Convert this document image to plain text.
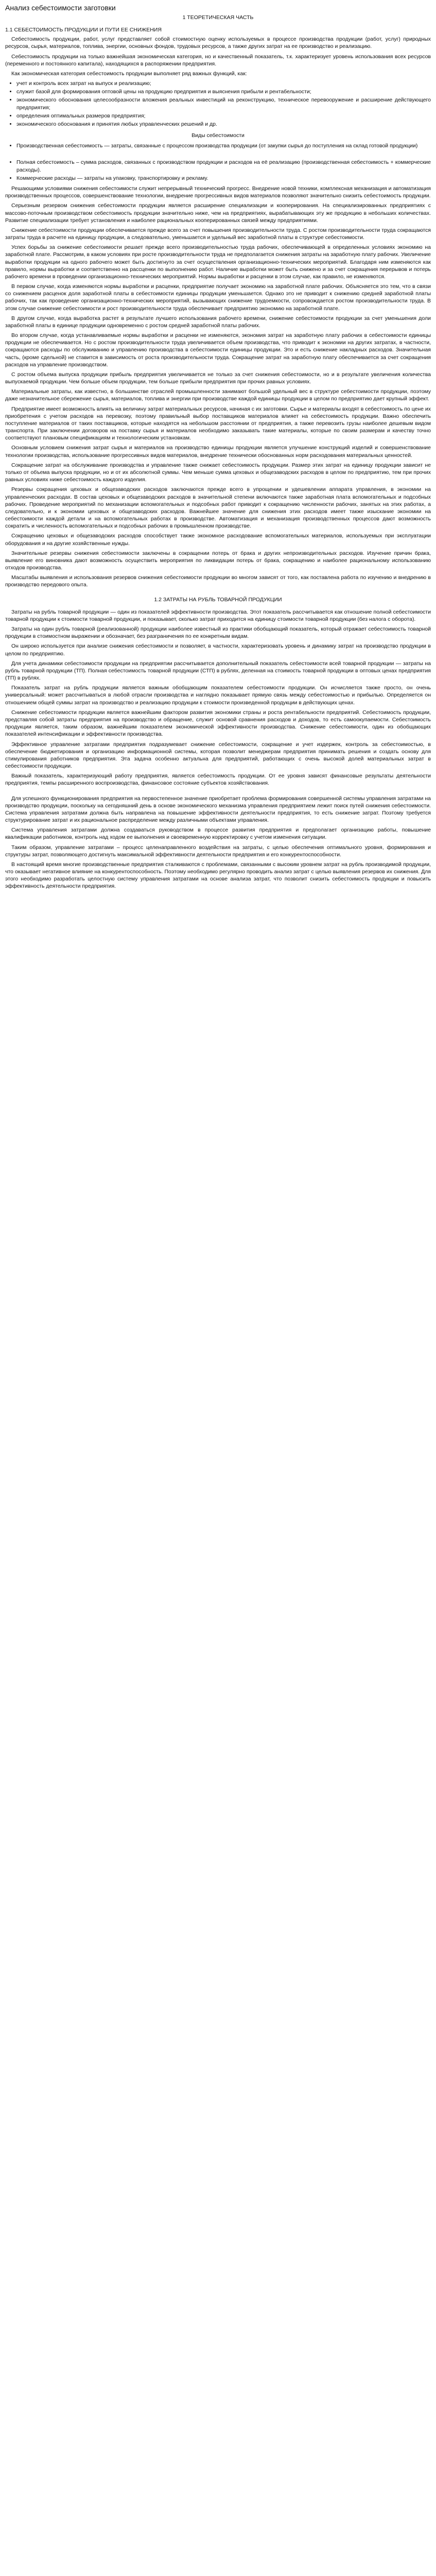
Анализ себестоимости заготовки
1 ТЕОРЕТИЧЕСКАЯ ЧАСТЬ
1.1 СЕБЕСТОИМОСТЬ ПРОДУКЦИИ И ПУТИ ЕЕ СНИЖЕНИЯ

Себестоимость продукции, работ, услуг представляет собой стоимостную оценку используемых в процессе производства продукции (работ, услуг) природных ресурсов, сырья, материалов, топлива, энергии, основных фондов, трудовых ресурсов, а также других затрат на ее производство и реализацию.

Себестоимость продукции на только важнейшая экономическая категория, но и качественный показатель, т.к. характеризует уровень использования всех ресурсов (переменного и постоянного капитала), находящихся в распоряжении предприятия.

Как экономическая категория себестоимость продукции выполняет ряд важных функций, как:

• учет и контроль всех затрат на выпуск и реализацию;
• служит базой для формирования оптовой цены на продукцию предприятия и выяснения прибыли и рентабельности;
• экономического обоснования целесообразности вложения реальных инвестиций на реконструкцию, техническое перевооружение и расширение действующего предприятия;
• определения оптимальных размеров предприятия;
• экономического обоснования и принятия любых управленческих решений и др.
Виды себестоимости
• Производственная себестоимость — затраты, связанные с процессом производства продукции (от закупки сырья до поступления на склад готовой продукции)
• Полная себестоимость – сумма расходов, связанных с производством продукции и расходов на её реализацию (производственная себестоимость + коммерческие расходы).
• Коммерческие расходы — затраты на упаковку, транспортировку и рекламу.

Решающими условиями снижения себестоимости служит непрерывный технический прогресс. Внедрение новой техники, комплексная механизация и автоматизация производственных процессов, совершенствование технологии, внедрение прогрессивных видов материалов позволяют значительно снизить себестоимость продукции.

Серьезным резервом снижения себестоимости продукции является расширение специализации и кооперирования. На специализированных предприятиях с массово-поточным производством себестоимость продукции значительно ниже, чем на предприятиях, вырабатывающих эту же продукцию в небольших количествах. Развитие специализации требует установления и наиболее рациональных кооперированных связей между предприятиями.

Снижение себестоимости продукции обеспечивается прежде всего за счет повышения производительности труда. С ростом производительности труда сокращаются затраты труда в расчете на единицу продукции, а следовательно, уменьшается и удельный вес заработной платы в структуре себестоимости.

Успех борьбы за снижение себестоимости решает прежде всего производительностью труда рабочих, обеспечивающей в определенных условиях экономию на заработной плате. Рассмотрим, в каком условиях при росте производительности труда не предполагается снижения затраты на заработную плату рабочих. Увеличение выработки продукции на одного рабочего может быть достигнуто за счет осуществления организационно-технических мероприятий. Благодаря ним изменяются как правило, нормы выработки и соответственно на рассценки по выполнению работ. Наличие выработки может быть снижено и за счет сокращения перерывов и потерь рабочего времени в проведении организационно-технических мероприятий. Нормы выработки и расценки в этом случае, как правило, не изменяются.

В первом случае, когда изменяются нормы выработки и расценки, предприятие получает экономию на заработной плате рабочих. Объясняется это тем, что в связи со снижением расценок доля заработной платы в себестоимости единицы продукции уменьшается. Однако это не приводит к снижению средней заработной платы рабочих, так как проведение организационно-технических мероприятий, вызывающих снижение трудоемкости, сопровождается ростом производительности труда. В этом случае снижение себестоимости и рост производительности труда обеспечивает предприятию экономию на заработной плате.

В другом случае, когда выработка растет в результате лучшего использования рабочего времени, снижение себестоимости продукции за счет уменьшения доли заработной платы в единице продукции одновременно с ростом средней заработной платы рабочих.

Во втором случае, когда устанавливаемые нормы выработки и расценки не изменяются, экономия затрат на заработную плату рабочих в себестоимости единицы продукции не обеспечивается. Но с ростом производительности труда увеличивается объем производства, что приводит к экономии на других затратах, в частности, сокращаются расходы по обслуживанию и управлению производства в себестоимости единицы продукции. Это и есть снижение накладных расходов. Значительная часть, (кроме сдельной) не ставится в зависимость от роста производительности труда. Сокращение затрат на заработную плату обеспечивается за счет сокращения расходов на управление производством.

С ростом объема выпуска продукции прибыль предприятия увеличивается не только за счет снижения себестоимости, но и в результате увеличения количества выпускаемой продукции. Чем больше объем продукции, тем больше прибыли предприятия при прочих равных условиях.

Материальные затраты, как известно, в большинстве отраслей промышленности занимают большой удельный вес в структуре себестоимости продукции, поэтому даже незначительное сбережение сырья, материалов, топлива и энергии при производстве каждой единицы продукции в целом по предприятию дает крупный эффект.

Предприятие имеет возможность влиять на величину затрат материальных ресурсов, начиная с их заготовки. Сырье и материалы входят в себестоимость по цене их приобретения с учетом расходов на перевозку, поэтому правильный выбор поставщиков материалов влияет на себестоимость продукции. Важно обеспечить поступление материалов от таких поставщиков, которые находятся на небольшом расстоянии от предприятия, а также перевозить грузы наиболее дешевым видом транспорта. При заключении договоров на поставку сырья и материалов необходимо заказывать такие материалы, которые по своим размерам и качеству точно соответствуют плановым спецификациям и технологическим установкам.

Основным условием снижения затрат сырья и материалов на производство единицы продукции является улучшение конструкций изделий и совершенствование технологии производства, использование прогрессивных видов материалов, внедрение технически обоснованных норм расходования материальных ценностей.

Сокращение затрат на обслуживание производства и управление также снижает себестоимость продукции. Размер этих затрат на единицу продукции зависит не только от объема выпуска продукции, но и от их абсолютной суммы. Чем меньше сумма цеховых и общезаводских расходов в целом по предприятию, тем при прочих равных условиях ниже себестоимость каждого изделия.

Резервы сокращения цеховых и общезаводских расходов заключаются прежде всего в упрощении и удешевлении аппарата управления, в экономии на управленческих расходах. В состав цеховых и общезаводских расходов в значительной степени включаются также заработная плата вспомогательных и подсобных рабочих. Проведение мероприятий по механизации вспомогательных и подсобных работ приводит к сокращению численности рабочих, занятых на этих работах, а следовательно, и к экономии цеховых и общезаводских расходов. Важнейшее значение для снижения этих расходов имеет также изыскание экономии на себестоимости каждой детали и на вспомогательных работах в производстве. Автоматизация и механизация производственных процессов дают возможность сократить и численность вспомогательных и подсобных рабочих в промышленном производстве.

Сокращению цеховых и общезаводских расходов способствует также экономное расходование вспомогательных материалов, используемых при эксплуатации оборудования и на другие хозяйственные нужды.

Значительные резервы снижения себестоимости заключены в сокращении потерь от брака и других непроизводительных расходов. Изучение причин брака, выявление его виновника дают возможность осуществить мероприятия по ликвидации потерь от брака, сокращению и наиболее рациональному использованию отходов производства.

Масштабы выявления и использования резервов снижения себестоимости продукции во многом зависят от того, как поставлена работа по изучению и внедрению в производство передового опыта.

1.2 ЗАТРАТЫ НА РУБЛЬ ТОВАРНОЙ ПРОДУКЦИИ

Затраты на рубль товарной продукции — один из показателей эффективности производства. Этот показатель рассчитывается как отношение полной себестоимости товарной продукции к стоимости товарной продукции, и показывает, сколько затрат приходится на единицу стоимости товарной продукции (без налога с оборота).

Затраты на один рубль товарной (реализованной) продукции наиболее известный из практики обобщающий показатель, который отражает себестоимость товарной продукции в стоимостном выражении и обозначает, без разграничения по ее конкретным видам.

Он широко используется при анализе снижения себестоимости и позволяет, в частности, характеризовать уровень и динамику затрат на производство продукции в целом по предприятию.

Для учета динамики себестоимости продукции на предприятии рассчитывается дополнительный показатель себестоимости всей товарной продукции — затраты на рубль товарной продукции (ТП). Полная себестоимость товарной продукции (СТП) в рублях, деленная на стоимость товарной продукции в оптовых ценах предприятия (ТП) в рублях.

Показатель затрат на рубль продукции является важным обобщающим показателем себестоимости продукции. Он исчисляется также просто, он очень универсальный: может рассчитываться в любой отрасли производства и наглядно показывает прямую связь между себестоимостью и прибылью. Определяется он отношением общей суммы затрат на производство и реализацию продукции к стоимости произведенной продукции в действующих ценах.

Снижение себестоимости продукции является важнейшим фактором развития экономики страны и роста рентабельности предприятий. Себестоимость продукции, представляя собой затраты предприятия на производство и обращение, служит основой сравнения расходов и доходов, то есть самоокупаемости. Себестоимость продукции является, таким образом, важнейшим показателем экономической эффективности производства. Снижение себестоимости, один из обобщающих показателей интенсификации и эффективности производства.

Эффективное управление затратами предприятия подразумевает снижение себестоимости, сокращение и учет издержек, контроль за себестоимостью, в обеспечение бюджетирования и организацию информационной системы, которая позволит менеджерам предприятия принимать решения и создать основу для стимулирования работников предприятия. Эта задача особенно актуальна для предприятий, работающих с очень высокой долей материальных затрат в себестоимости продукции.

Важный показатель, характеризующий работу предприятия, является себестоимость продукции. От ее уровня зависят финансовые результаты деятельности предприятия, темпы расширенного воспроизводства, финансовое состояние субъектов хозяйствования.

Для успешного функционирования предприятия на первостепенное значение приобретает проблема формирования совершенной системы управления затратами на производство продукции, поскольку на сегодняшний день в основе экономического механизма управления предприятием лежит поиск путей снижения себестоимости. Система управления затратами должна быть направлена на повышение эффективности деятельности предприятия, то есть снижение затрат. Поэтому требуется структурирование затрат и их рациональное распределение между различными объектами управления.

Система управления затратами должна создаваться руководством в процессе развития предприятия и предполагает организацию работы, повышение квалификации работников, контроль над ходом ее выполнения и своевременную корректировку с учетом изменения ситуации.

Таким образом, управление затратами – процесс целенаправленного воздействия на затраты, с целью обеспечения оптимального уровня, формирования и структуры затрат, позволяющего достигнуть максимальной эффективности деятельности предприятия и его конкурентоспособности.

В настоящий время многие производственные предприятия сталкиваются с проблемами, связанными с высоким уровнем затрат на рубль производимой продукции, что оказывает негативное влияние на конкурентоспособность. Поэтому необходимо регулярно проводить анализ затрат с целью выявления резервов их снижения. Для этого необходимо разработать целостную систему управления затратами на основе анализа затрат, что позволит снизить себестоимость продукции и повысить эффективность деятельности предприятия.
